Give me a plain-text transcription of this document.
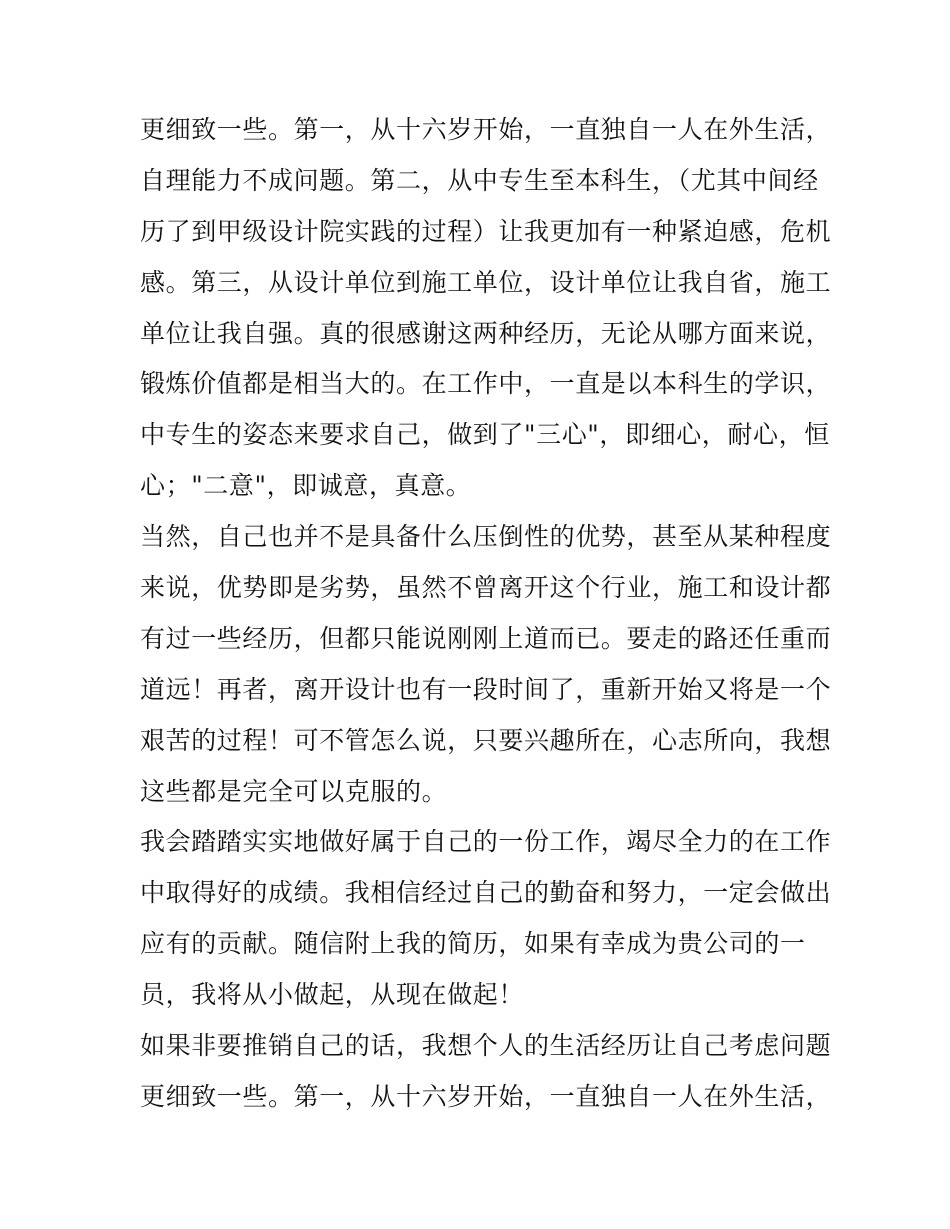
更细致一些。第一，从十六岁开始，一直独自一人在外生活，
自理能力不成问题。第二，从中专生至本科生，（尤其中间经
历了到甲级设计院实践的过程）让我更加有一种紧迫感，危机
感。第三，从设计单位到施工单位，设计单位让我自省，施工
单位让我自强。真的很感谢这两种经历，无论从哪方面来说，
锻炼价值都是相当大的。在工作中，一直是以本科生的学识，
中专生的姿态来要求自己，做到了"三心"，即细心，耐心，恒
心；"二意"，即诚意，真意。
当然，自己也并不是具备什么压倒性的优势，甚至从某种程度
来说，优势即是劣势，虽然不曾离开这个行业，施工和设计都
有过一些经历，但都只能说刚刚上道而已。要走的路还任重而
道远！再者，离开设计也有一段时间了，重新开始又将是一个
艰苦的过程！可不管怎么说，只要兴趣所在，心志所向，我想
这些都是完全可以克服的。
我会踏踏实实地做好属于自己的一份工作，竭尽全力的在工作
中取得好的成绩。我相信经过自己的勤奋和努力，一定会做出
应有的贡献。随信附上我的简历，如果有幸成为贵公司的一
员，我将从小做起，从现在做起！
如果非要推销自己的话，我想个人的生活经历让自己考虑问题
更细致一些。第一，从十六岁开始，一直独自一人在外生活，
